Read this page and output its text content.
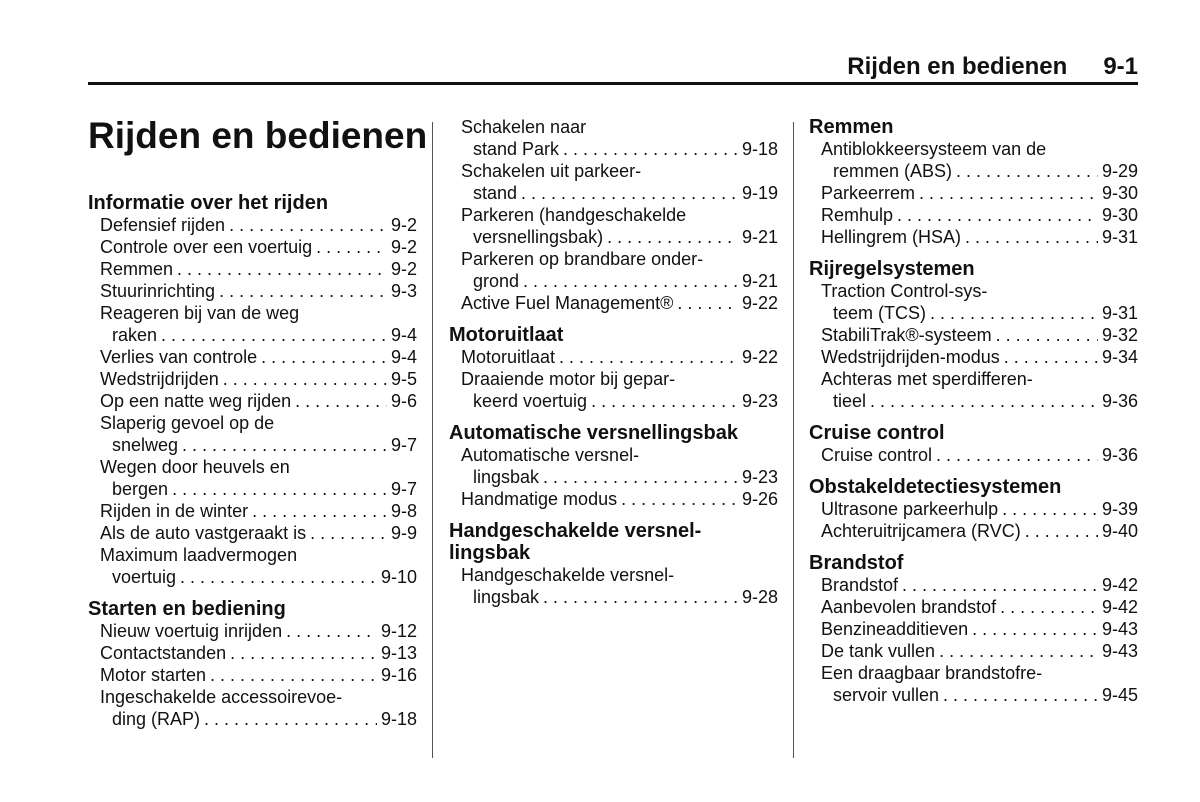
Rijden en bedienen 9-1
Rijden en bedienen
Informatie over het rijden
Defensief rijden . . .	9-2
Controle over een voertuig . . .	9-2
Remmen . . .	9-2
Stuurinrichting . . .	9-3
Reageren bij van de weg
raken . . .	9-4
Verlies van controle . . .	9-4
Wedstrijdrijden . . .	9-5
Op een natte weg rijden . . .	9-6
Slaperig gevoel op de
snelweg . . .	9-7
Wegen door heuvels en
bergen . . .	9-7
Rijden in de winter . . .	9-8
Als de auto vastgeraakt is . . .	9-9
Maximum laadvermogen
voertuig . . .	9-10
Starten en bediening
Nieuw voertuig inrijden . . .	9-12
Contactstanden . . .	9-13
Motor starten . . .	9-16
Ingeschakelde accessoirevoe-
ding (RAP) . . .	9-18
Schakelen naar
stand Park . . .	9-18
Schakelen uit parkeer-
stand . . .	9-19
Parkeren (handgeschakelde
versnellingsbak) . . .	9-21
Parkeren op brandbare onder-
grond . . .	9-21
Active Fuel Management® . . .	9-22
Motoruitlaat
Motoruitlaat . . .	9-22
Draaiende motor bij gepar-
keerd voertuig . . .	9-23
Automatische versnellingsbak
Automatische versnel-
lingsbak . . .	9-23
Handmatige modus . . .	9-26
Handgeschakelde versnel-
lingsbak
Handgeschakelde versnel-
lingsbak . . .	9-28
Remmen
Antiblokkeersysteem van de
remmen (ABS) . . .	9-29
Parkeerrem . . .	9-30
Remhulp . . .	9-30
Hellingrem (HSA) . . .	9-31
Rijregelsystemen
Traction Control-sys-
teem (TCS) . . .	9-31
StabiliTrak®-systeem . . .	9-32
Wedstrijdrijden-modus . . .	9-34
Achteras met sperdifferen-
tieel . . .	9-36
Cruise control
Cruise control . . .	9-36
Obstakeldetectiesystemen
Ultrasone parkeerhulp . . .	9-39
Achteruitrijcamera (RVC) . . .	9-40
Brandstof
Brandstof . . .	9-42
Aanbevolen brandstof . . .	9-42
Benzineadditieven . . .	9-43
De tank vullen . . .	9-43
Een draagbaar brandstofre-
servoir vullen . . .	9-45
